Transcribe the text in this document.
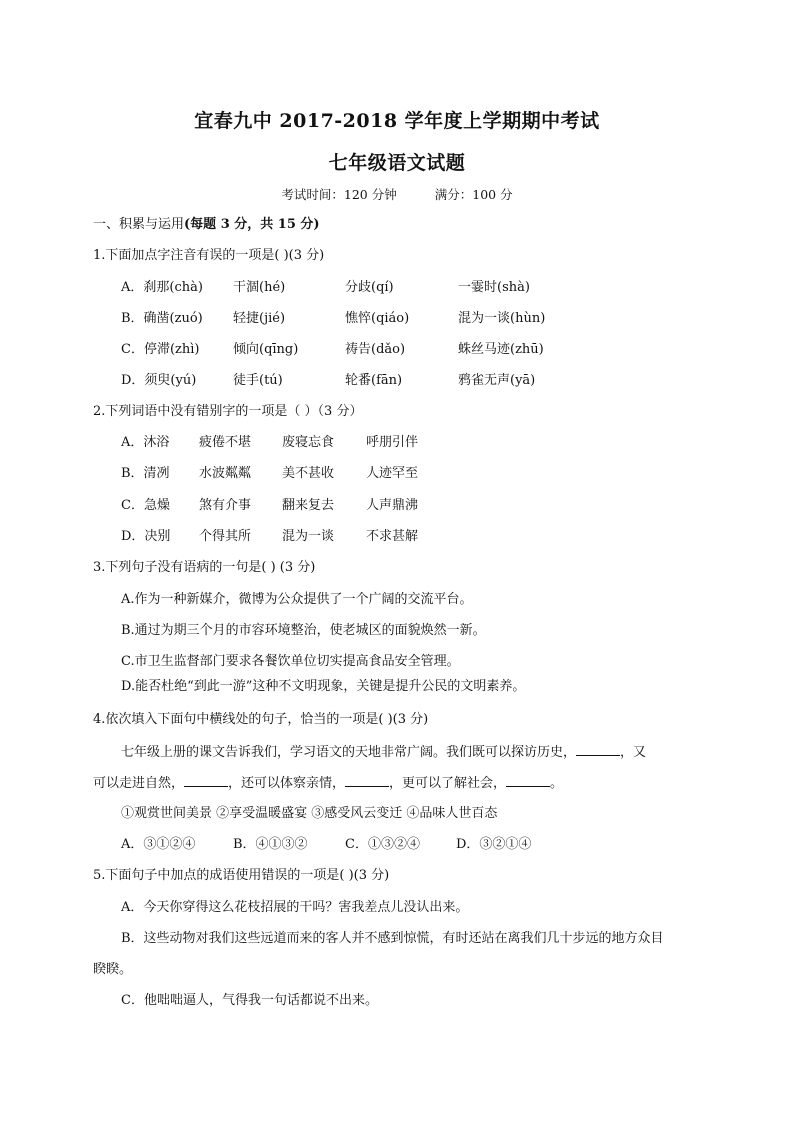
宜春九中 2017-2018 学年度上学期期中考试
七年级语文试题
考试时间：120 分钟	满分：100 分
一、积累与运用(每题 3 分，共 15 分)
1.下面加点字注音有误的一项是( )(3 分)
A．刹那(chà) 干涸(hé)	分歧(qí)	一霎时(shà)
B．确凿(zuó) 轻捷(jié)	憔悴(qiáo)	混为一谈(hùn)
C．停滞(zhì)	倾向(qīng)	祷告(dǎo)	蛛丝马迹(zhū)
D．须臾(yú)	徒手(tú)	轮番(fān)	鸦雀无声(yā)
2.下列词语中没有错别字的一项是（ ）（3 分）
A．沐浴 疲倦不堪 废寝忘食 呼朋引伴
B．清冽 水波粼粼 美不甚收 人迹罕至
C．急燥 煞有介事 翻来复去 人声鼎沸
D．决别 个得其所 混为一谈 不求甚解
3.下列句子没有语病的一句是( ) (3 分)
A.作为一种新媒介，微博为公众提供了一个广阔的交流平台。
B.通过为期三个月的市容环境整治，使老城区的面貌焕然一新。
C.市卫生监督部门要求各餐饮单位切实提高食品安全管理。
D.能否杜绝“到此一游”这种不文明现象，关键是提升公民的文明素养。
4.依次填入下面句中横线处的句子，恰当的一项是( )(3 分)
七年级上册的课文告诉我们，学习语文的天地非常广阔。我们既可以探访历史，	，又
可以走进自然，	，还可以体察亲情，	，更可以了解社会，	。
①观赏世间美景 ②享受温暖盛宴 ③感受风云变迁 ④品味人世百态
A．③①②④	B．④①③②	C．①③②④	D．③②①④
5.下面句子中加点的成语使用错误的一项是( )(3 分)
A．今天你穿得这么花枝招展的干吗？害我差点儿没认出来。
B．这些动物对我们这些远道而来的客人并不感到惊慌，有时还站在离我们几十步远的地方众目
睽睽。
C．他咄咄逼人，气得我一句话都说不出来。
